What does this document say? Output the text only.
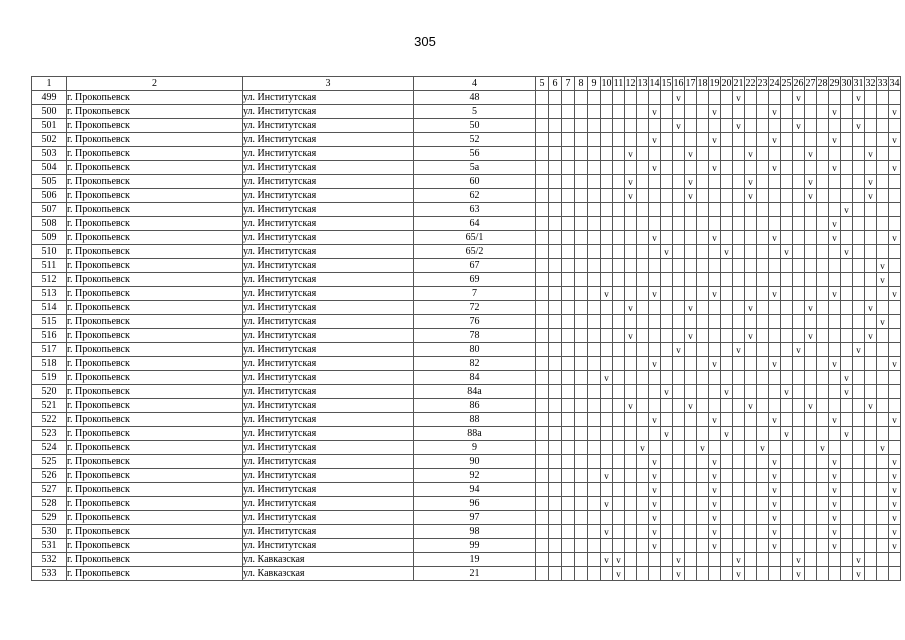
305
1	2	3	4	5	6	7	8	9	10	11	12	13	14	15	16	17	18	19	20	21	22	23	24	25	26	27	28	29	30	31	32	33	34
499	г. Прокопьевск	ул. Институтская	48												v					v					v					v			
500	г. Прокопьевск	ул. Институтская	5										v					v					v					v					v
501	г. Прокопьевск	ул. Институтская	50												v					v					v					v			
502	г. Прокопьевск	ул. Институтская	52										v					v					v					v					v
503	г. Прокопьевск	ул. Институтская	56								v					v					v					v					v		
504	г. Прокопьевск	ул. Институтская	5а										v					v					v					v					v
505	г. Прокопьевск	ул. Институтская	60								v					v					v					v					v		
506	г. Прокопьевск	ул. Институтская	62								v					v					v					v					v		
507	г. Прокопьевск	ул. Институтская	63																										v				
508	г. Прокопьевск	ул. Институтская	64																									v					
509	г. Прокопьевск	ул. Институтская	65/1										v					v					v					v					v
510	г. Прокопьевск	ул. Институтская	65/2											v					v					v					v				
511	г. Прокопьевск	ул. Институтская	67																													v	
512	г. Прокопьевск	ул. Институтская	69																													v	
513	г. Прокопьевск	ул. Институтская	7						v				v					v					v					v					v
514	г. Прокопьевск	ул. Институтская	72								v					v					v					v					v		
515	г. Прокопьевск	ул. Институтская	76																													v	
516	г. Прокопьевск	ул. Институтская	78								v					v					v					v					v		
517	г. Прокопьевск	ул. Институтская	80												v					v					v					v			
518	г. Прокопьевск	ул. Институтская	82										v					v					v					v					v
519	г. Прокопьевск	ул. Институтская	84						v																				v				
520	г. Прокопьевск	ул. Институтская	84а											v					v					v					v				
521	г. Прокопьевск	ул. Институтская	86								v					v					v					v					v		
522	г. Прокопьевск	ул. Институтская	88										v					v					v					v					v
523	г. Прокопьевск	ул. Институтская	88а											v					v					v					v				
524	г. Прокопьевск	ул. Институтская	9									v					v					v					v					v	
525	г. Прокопьевск	ул. Институтская	90										v					v					v					v					v
526	г. Прокопьевск	ул. Институтская	92						v				v					v					v					v					v
527	г. Прокопьевск	ул. Институтская	94										v					v					v					v					v
528	г. Прокопьевск	ул. Институтская	96						v				v					v					v					v					v
529	г. Прокопьевск	ул. Институтская	97										v					v					v					v					v
530	г. Прокопьевск	ул. Институтская	98						v				v					v					v					v					v
531	г. Прокопьевск	ул. Институтская	99										v					v					v					v					v
532	г. Прокопьевск	ул. Кавказская	19						v	v					v					v					v					v			
533	г. Прокопьевск	ул. Кавказская	21							v					v					v					v					v			
